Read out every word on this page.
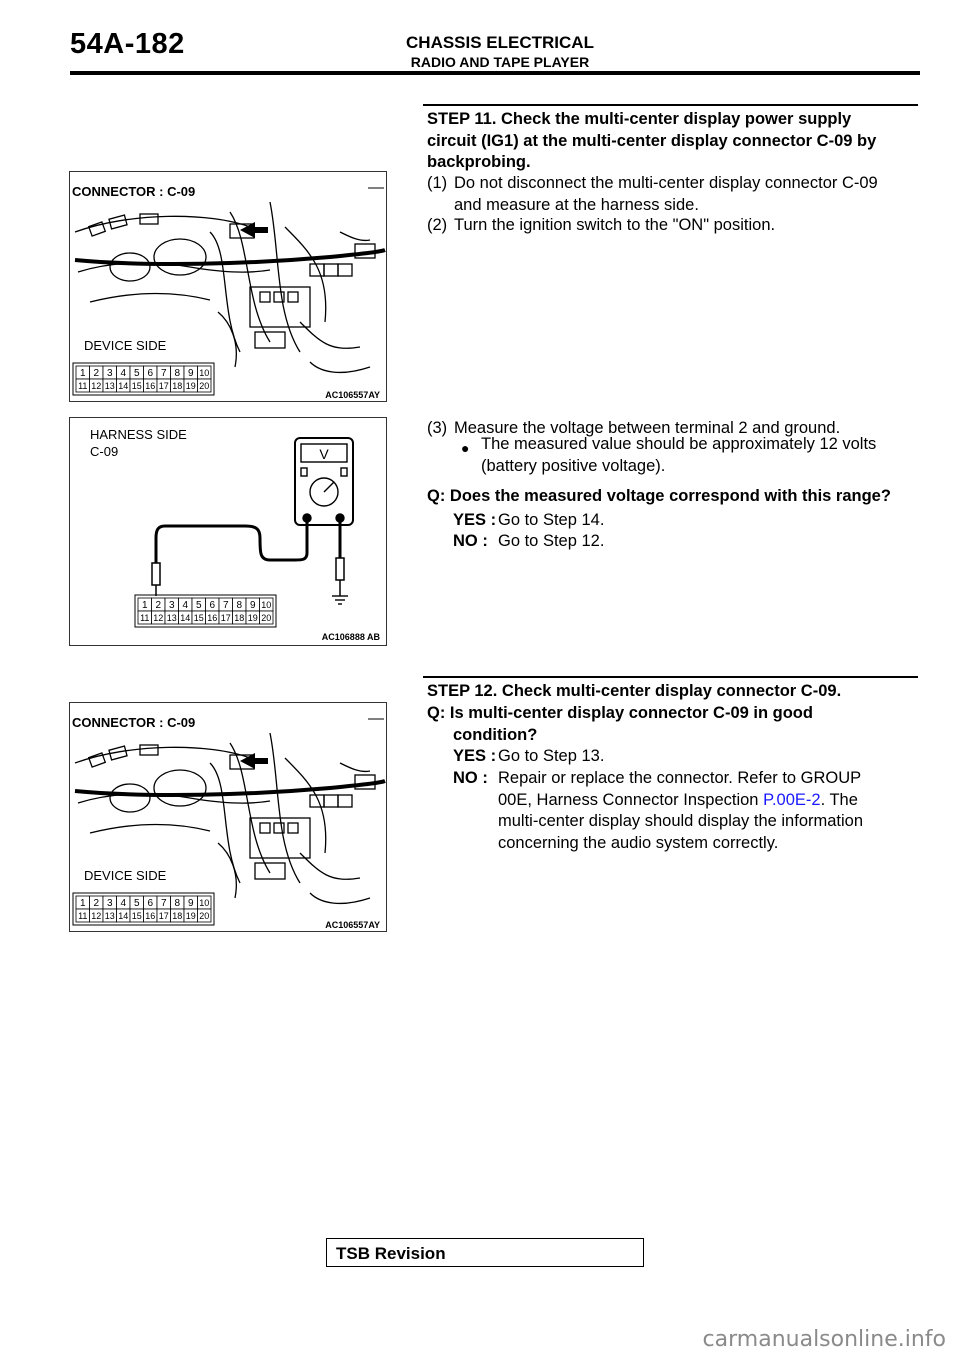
54A-182	CHASSIS ELECTRICAL
RADIO AND TAPE PLAYER
STEP 11. Check the multi-center display power supply
circuit (IG1) at the multi-center display connector C-09 by
backprobing.
(1) Do not disconnect the multi-center display connector C-09
and measure at the harness side.
(2) Turn the ignition switch to the "ON" position.
(3) Measure the voltage between terminal 2 and ground.
● The measured value should be approximately 12 volts
(battery positive voltage).
Q: Does the measured voltage correspond with this range?
YES : Go to Step 14.
NO : Go to Step 12.
STEP 12. Check multi-center display connector C-09.
Q: Is multi-center display connector C-09 in good
condition?
YES : Go to Step 13.
NO : Repair or replace the connector. Refer to GROUP
00E, Harness Connector Inspection P.00E-2. The
multi-center display should display the information
concerning the audio system correctly.
CONNECTOR : C-09
DEVICE SIDE
1 2 3 4 5 6 7 8 9 10
11 12 13 14 15 16 17 18 19 20
AC106557AY
HARNESS SIDE
C-09	V
1 2 3 4 5 6 7 8 9 10
11 12 13 14 15 16 17 18 19 20
AC106888 AB
CONNECTOR : C-09
DEVICE SIDE
1 2 3 4 5 6 7 8 9 10
11 12 13 14 15 16 17 18 19 20
AC106557AY
TSB Revision
carmanualsonline.info
